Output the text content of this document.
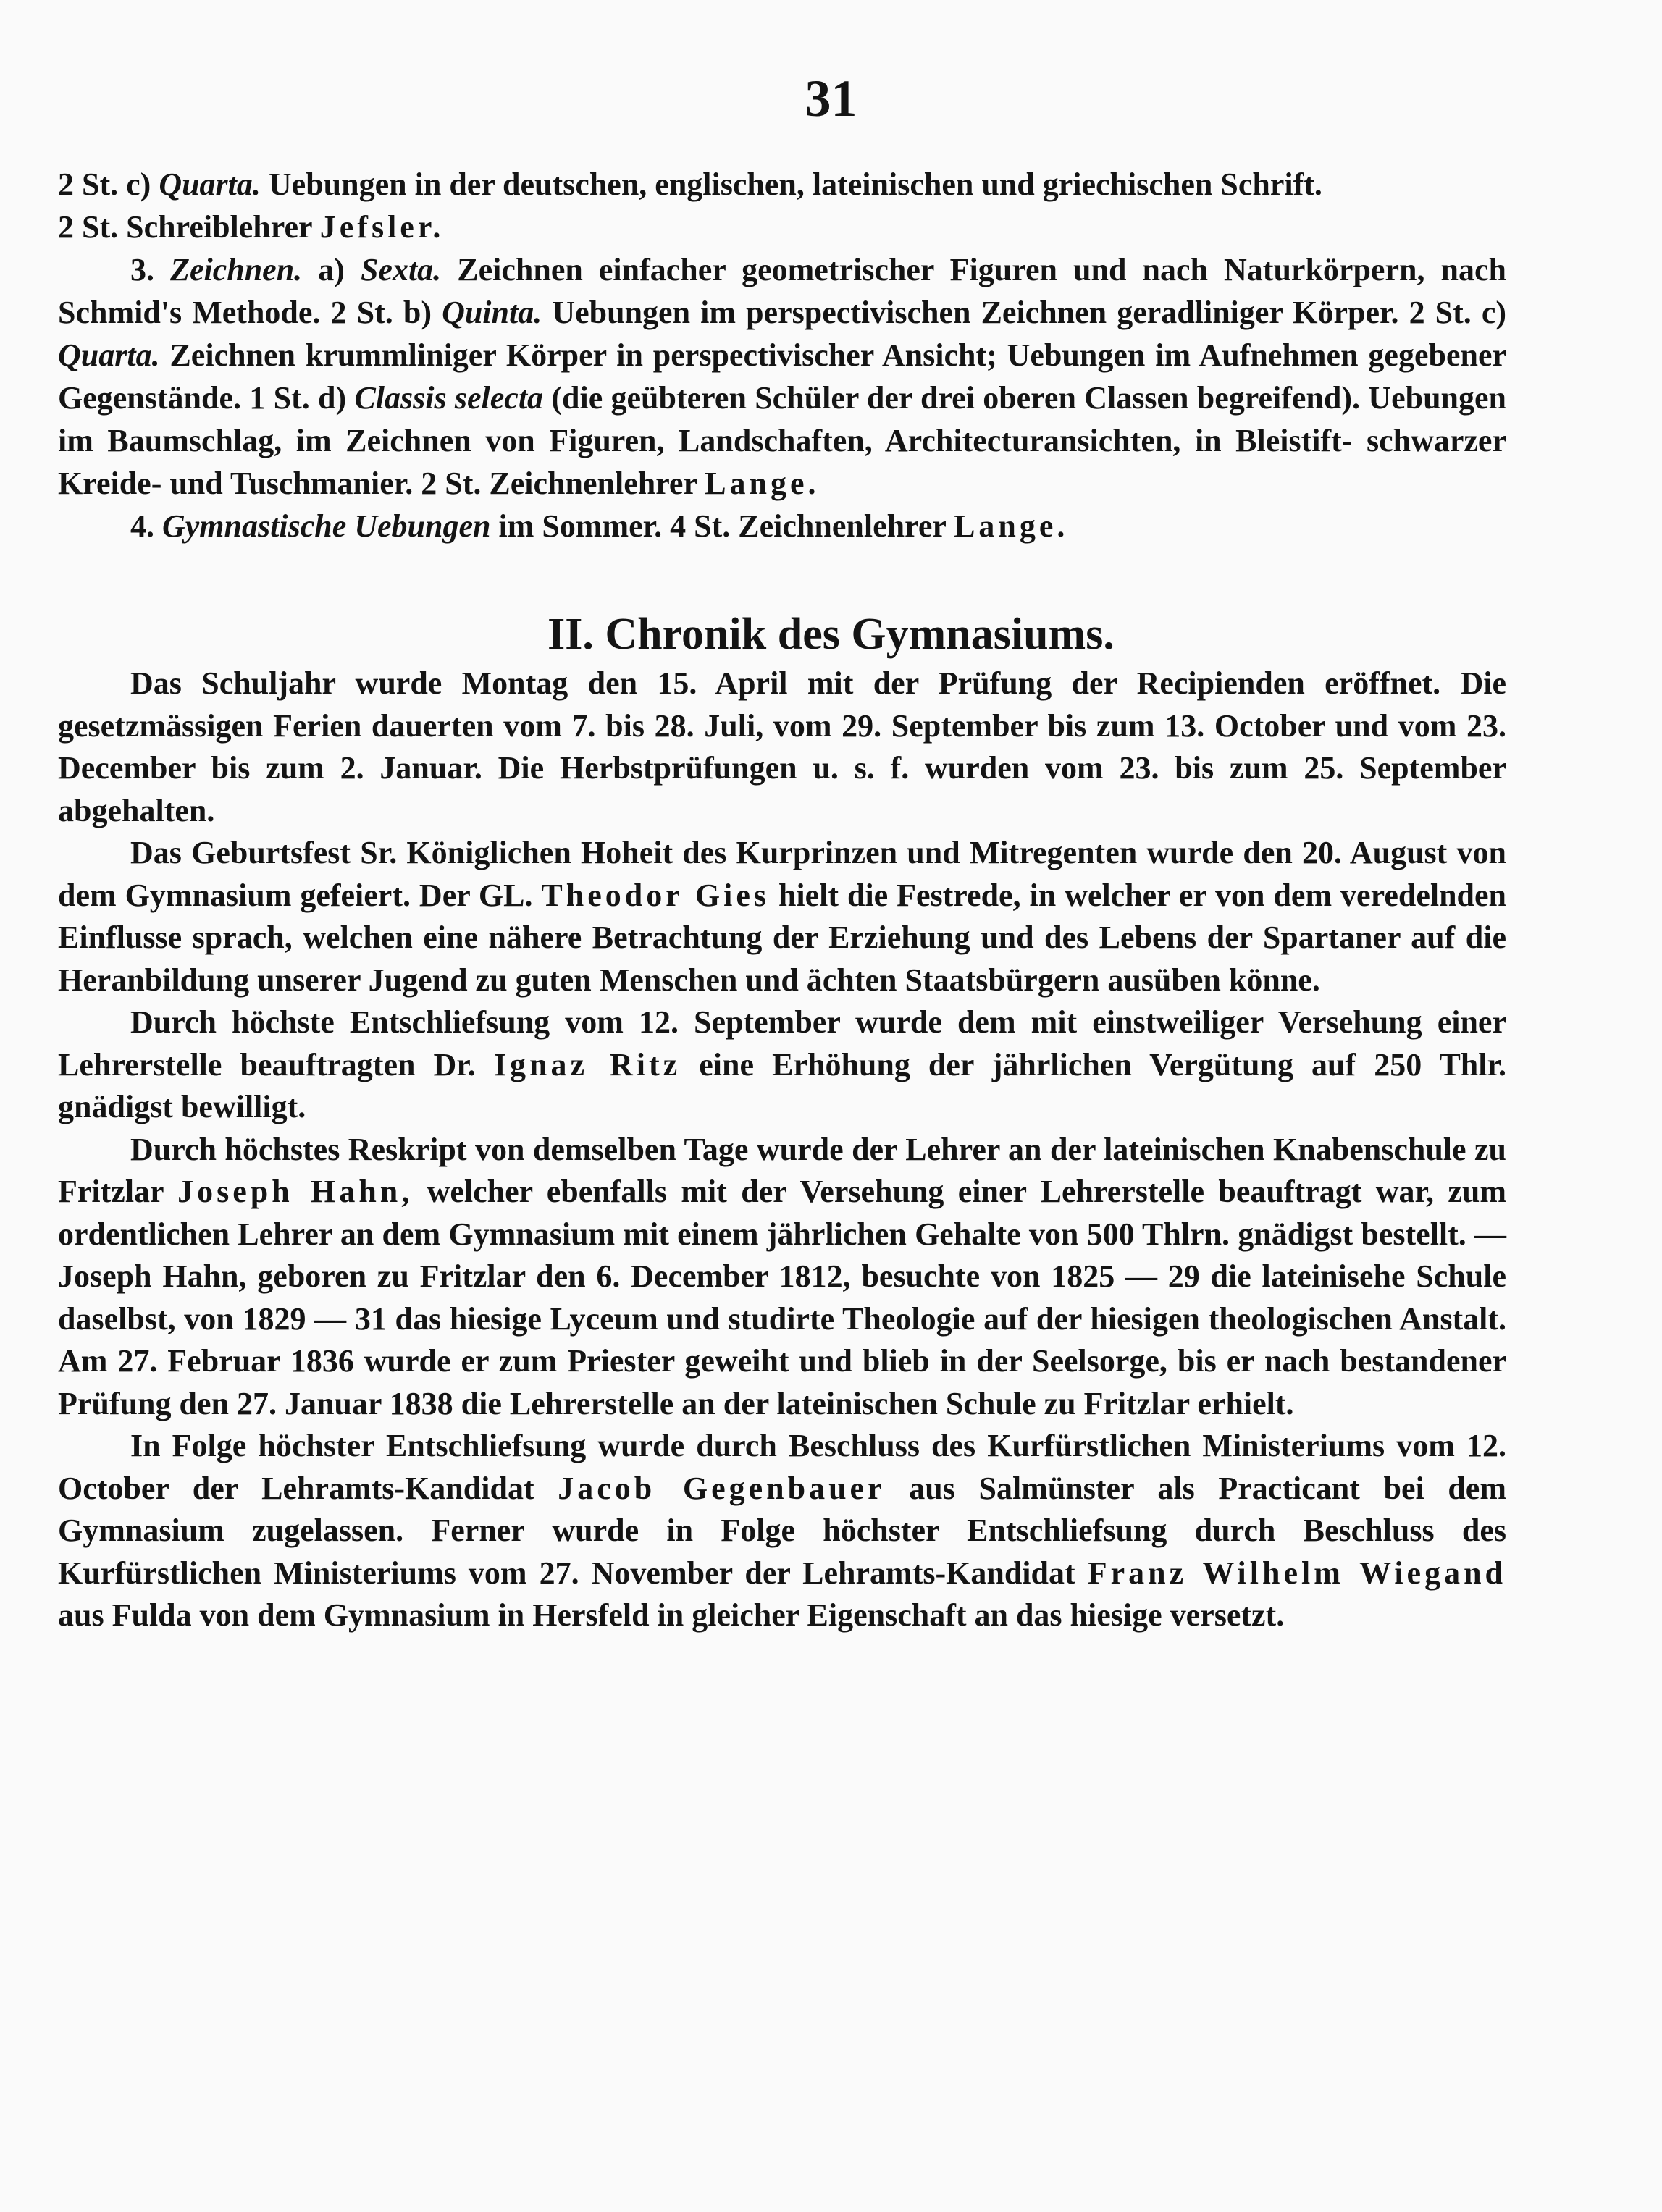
31

2 St. c) Quarta. Uebungen in der deutschen, englischen, lateinischen und griechischen Schrift.

2 St. Schreiblehrer Jefsler.

3. Zeichnen. a) Sexta. Zeichnen einfacher geometrischer Figuren und nach Naturkörpern, nach Schmid's Methode. 2 St. b) Quinta. Uebungen im perspectivischen Zeichnen geradliniger Körper. 2 St. c) Quarta. Zeichnen krummliniger Körper in perspectivischer Ansicht; Uebungen im Aufnehmen gegebener Gegenstände. 1 St. d) Classis selecta (die geübteren Schüler der drei oberen Classen begreifend). Uebungen im Baumschlag, im Zeichnen von Figuren, Landschaften, Architecturansichten, in Bleistift- schwarzer Kreide- und Tuschmanier. 2 St. Zeichnenlehrer Lange.

4. Gymnastische Uebungen im Sommer. 4 St. Zeichnenlehrer Lange.

II. Chronik des Gymnasiums.

Das Schuljahr wurde Montag den 15. April mit der Prüfung der Recipienden eröffnet. Die gesetzmässigen Ferien dauerten vom 7. bis 28. Juli, vom 29. September bis zum 13. October und vom 23. December bis zum 2. Januar. Die Herbstprüfungen u. s. f. wurden vom 23. bis zum 25. September abgehalten.

Das Geburtsfest Sr. Königlichen Hoheit des Kurprinzen und Mitregenten wurde den 20. August von dem Gymnasium gefeiert. Der GL. Theodor Gies hielt die Festrede, in welcher er von dem veredelnden Einflusse sprach, welchen eine nähere Betrachtung der Erziehung und des Lebens der Spartaner auf die Heranbildung unserer Jugend zu guten Menschen und ächten Staatsbürgern ausüben könne.

Durch höchste Entschliefsung vom 12. September wurde dem mit einstweiliger Versehung einer Lehrerstelle beauftragten Dr. Ignaz Ritz eine Erhöhung der jährlichen Vergütung auf 250 Thlr. gnädigst bewilligt.

Durch höchstes Reskript von demselben Tage wurde der Lehrer an der lateinischen Knabenschule zu Fritzlar Joseph Hahn, welcher ebenfalls mit der Versehung einer Lehrerstelle beauftragt war, zum ordentlichen Lehrer an dem Gymnasium mit einem jährlichen Gehalte von 500 Thlrn. gnädigst bestellt. — Joseph Hahn, geboren zu Fritzlar den 6. December 1812, besuchte von 1825 — 29 die lateinisehe Schule daselbst, von 1829 — 31 das hiesige Lyceum und studirte Theologie auf der hiesigen theologischen Anstalt. Am 27. Februar 1836 wurde er zum Priester geweiht und blieb in der Seelsorge, bis er nach bestandener Prüfung den 27. Januar 1838 die Lehrerstelle an der lateinischen Schule zu Fritzlar erhielt.

In Folge höchster Entschliefsung wurde durch Beschluss des Kurfürstlichen Ministeriums vom 12. October der Lehramts-Kandidat Jacob Gegenbauer aus Salmünster als Practicant bei dem Gymnasium zugelassen. Ferner wurde in Folge höchster Entschliefsung durch Beschluss des Kurfürstlichen Ministeriums vom 27. November der Lehramts-Kandidat Franz Wilhelm Wiegand aus Fulda von dem Gymnasium in Hersfeld in gleicher Eigenschaft an das hiesige versetzt.
